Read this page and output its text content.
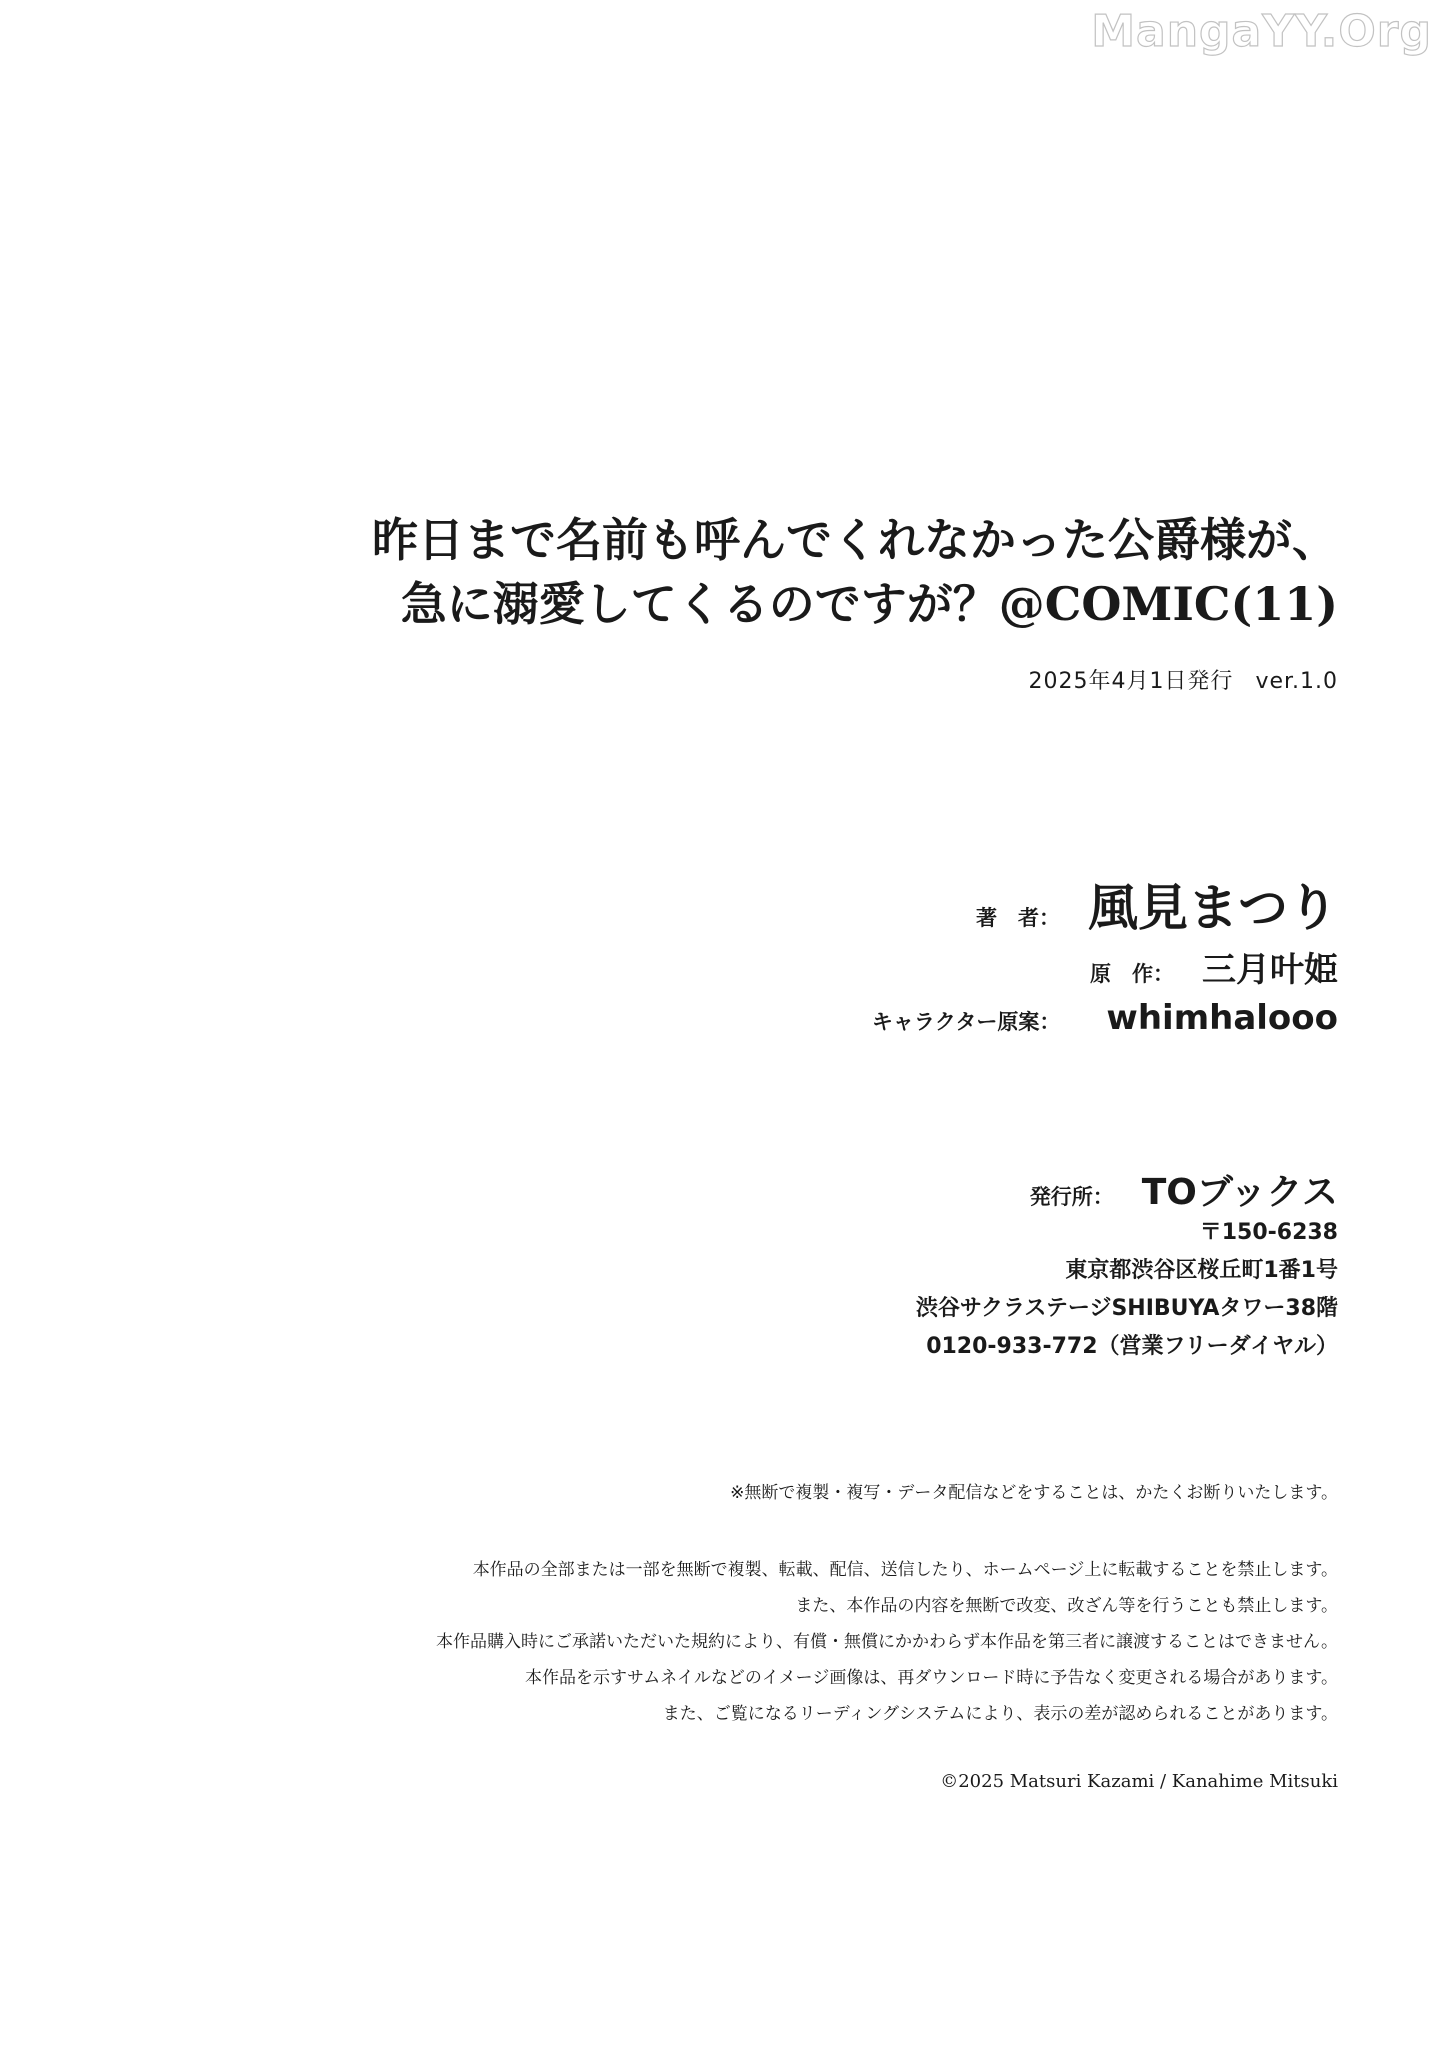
MangaYY.Org
昨日まで名前も呼んでくれなかった公爵様が、
急に溺愛してくるのですが？@COMIC(11)
2025年4月1日発行 ver.1.0
著　者： 風見まつり
原　作： 三月叶姫
キャラクター原案： whimhalooo
発行所： TOブックス
〒150-6238
東京都渋谷区桜丘町1番1号
渋谷サクラステージSHIBUYAタワー38階
0120-933-772（営業フリーダイヤル）
※無断で複製・複写・データ配信などをすることは、かたくお断りいたします。
本作品の全部または一部を無断で複製、転載、配信、送信したり、ホームページ上に転載することを禁止します。
また、本作品の内容を無断で改変、改ざん等を行うことも禁止します。
本作品購入時にご承諾いただいた規約により、有償・無償にかかわらず本作品を第三者に譲渡することはできません。
本作品を示すサムネイルなどのイメージ画像は、再ダウンロード時に予告なく変更される場合があります。
また、ご覧になるリーディングシステムにより、表示の差が認められることがあります。
©2025 Matsuri Kazami / Kanahime Mitsuki
